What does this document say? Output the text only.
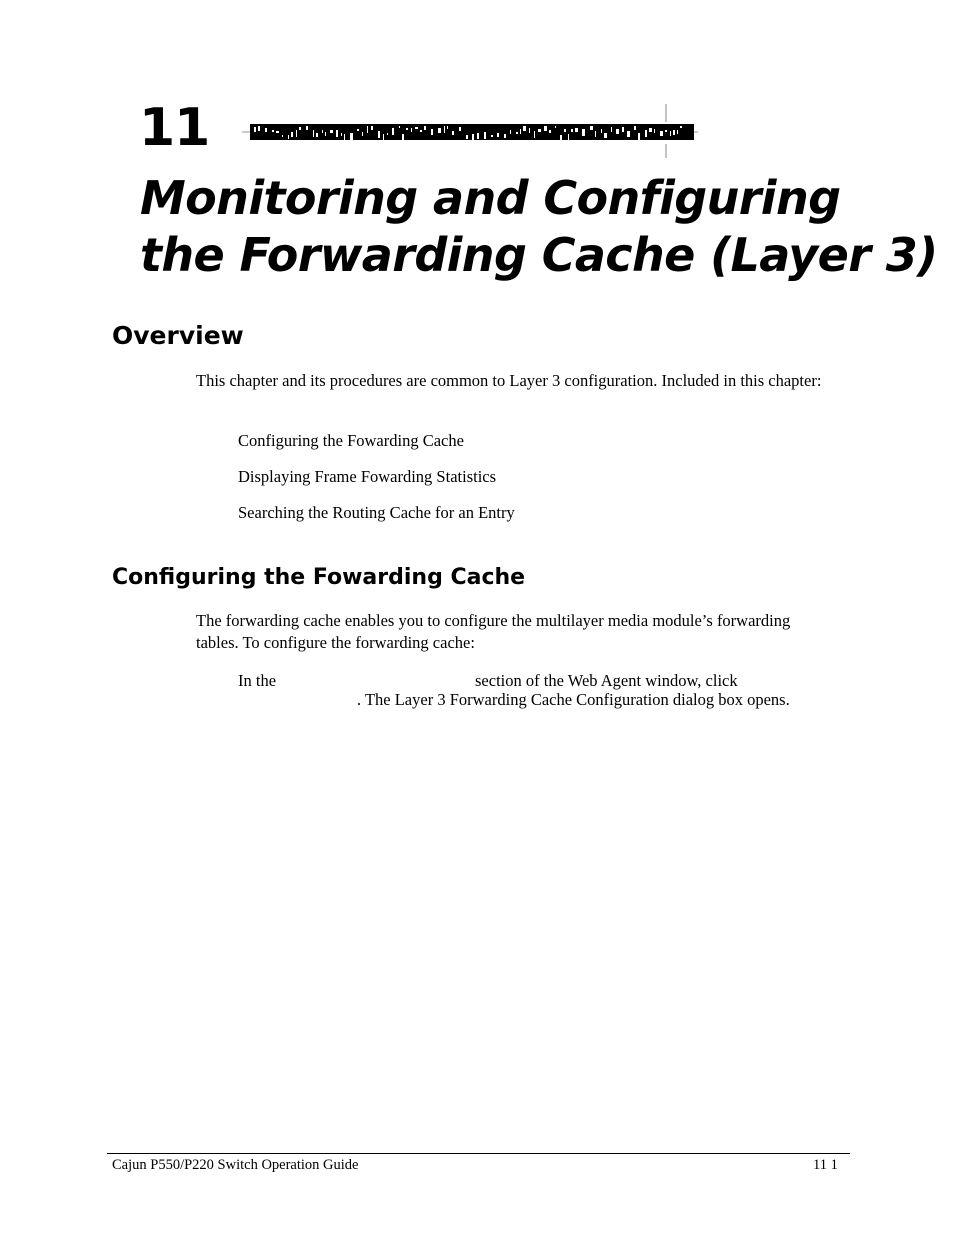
11
Monitoring and Configuring
the Forwarding Cache (Layer 3)
Overview
This chapter and its procedures are common to Layer 3 configuration. Included in this chapter:
Configuring the Fowarding Cache
Displaying Frame Fowarding Statistics
Searching the Routing Cache for an Entry
Configuring the Fowarding Cache
The forwarding cache enables you to configure the multilayer media module’s forwarding tables. To configure the forwarding cache:
In the	section of the Web Agent window, click
. The Layer 3 Forwarding Cache Configuration dialog box opens.
Cajun P550/P220 Switch Operation Guide	11 1
